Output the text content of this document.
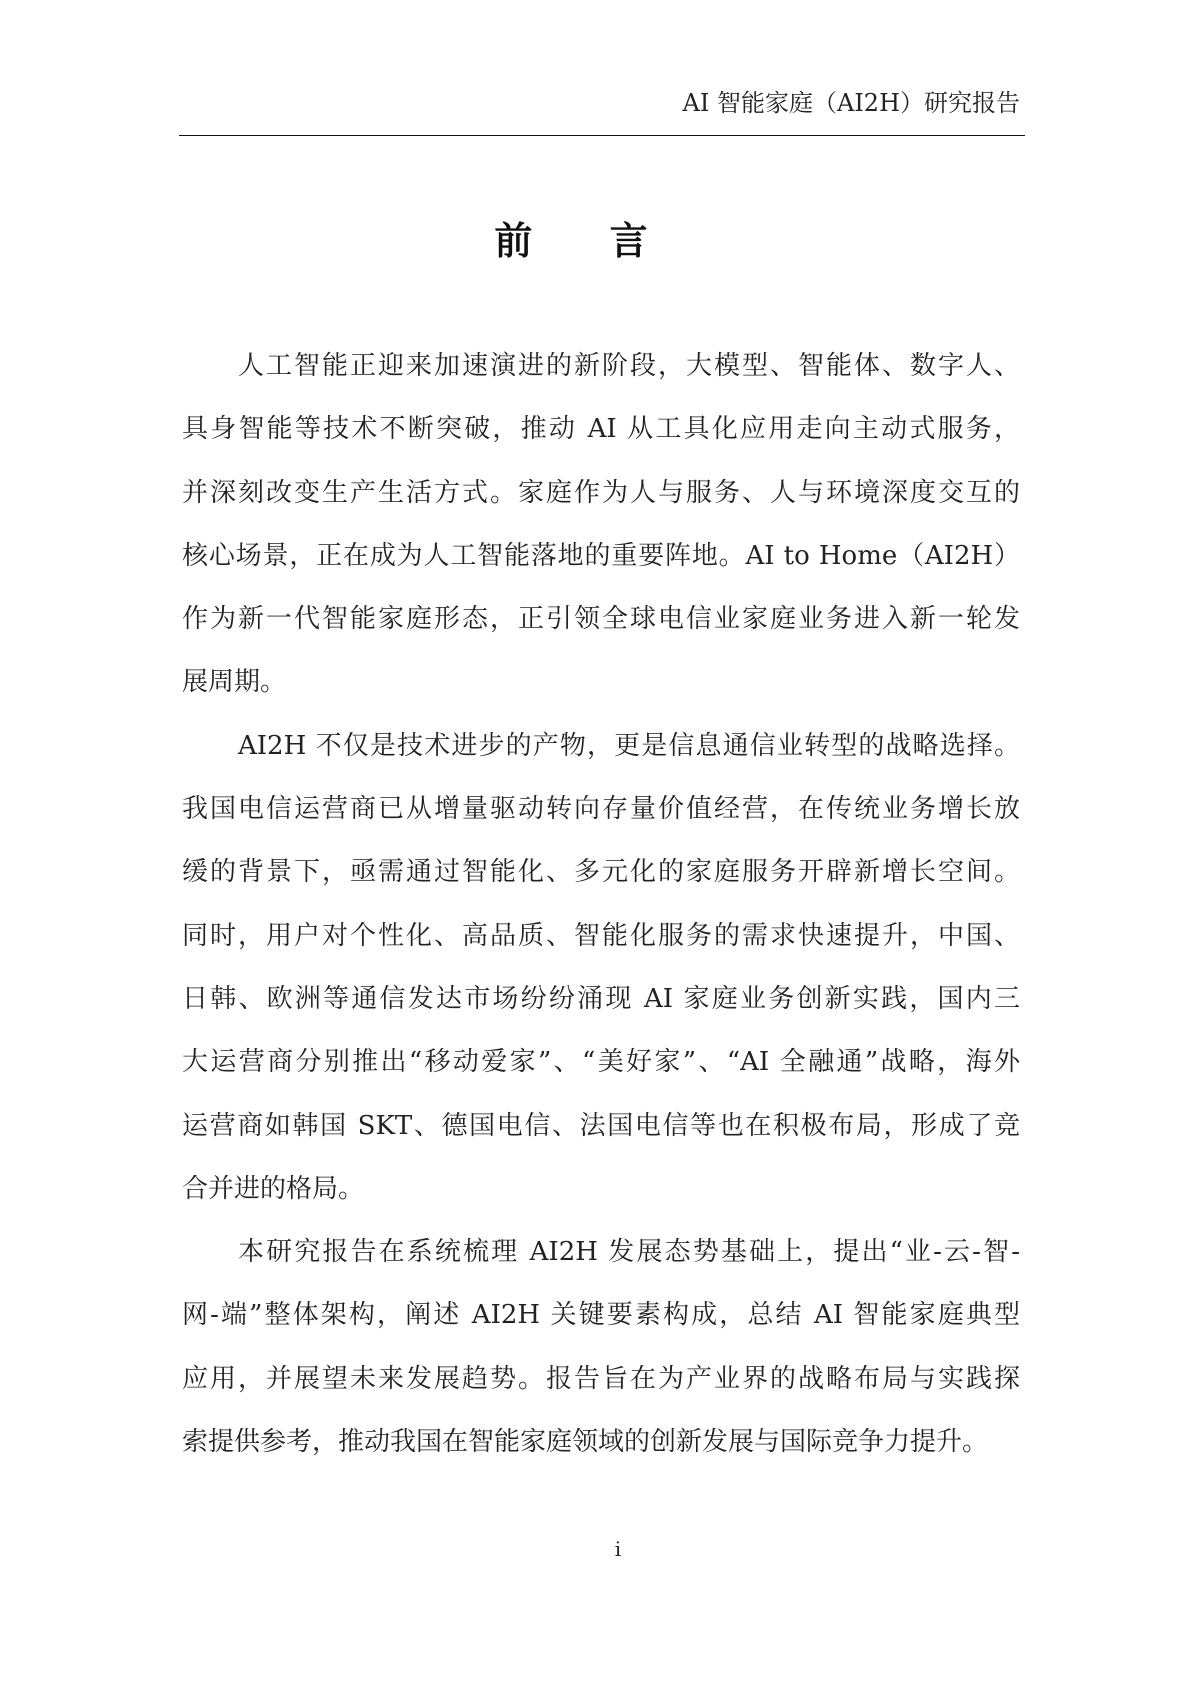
AI 智能家庭（AI2H）研究报告
前 言
人工智能正迎来加速演进的新阶段，大模型、智能体、数字人、
具身智能等技术不断突破，推动 AI 从工具化应用走向主动式服务，
并深刻改变生产生活方式。家庭作为人与服务、人与环境深度交互的
核心场景，正在成为人工智能落地的重要阵地。AI to Home（AI2H）
作为新一代智能家庭形态，正引领全球电信业家庭业务进入新一轮发
展周期。
AI2H 不仅是技术进步的产物，更是信息通信业转型的战略选择。
我国电信运营商已从增量驱动转向存量价值经营，在传统业务增长放
缓的背景下，亟需通过智能化、多元化的家庭服务开辟新增长空间。
同时，用户对个性化、高品质、智能化服务的需求快速提升，中国、
日韩、欧洲等通信发达市场纷纷涌现 AI 家庭业务创新实践，国内三
大运营商分别推出“移动爱家”、“美好家”、“AI 全融通”战略，海外
运营商如韩国 SKT、德国电信、法国电信等也在积极布局，形成了竞
合并进的格局。
本研究报告在系统梳理 AI2H 发展态势基础上，提出“业-云-智-
网-端”整体架构，阐述 AI2H 关键要素构成，总结 AI 智能家庭典型
应用，并展望未来发展趋势。报告旨在为产业界的战略布局与实践探
索提供参考，推动我国在智能家庭领域的创新发展与国际竞争力提升。
i
